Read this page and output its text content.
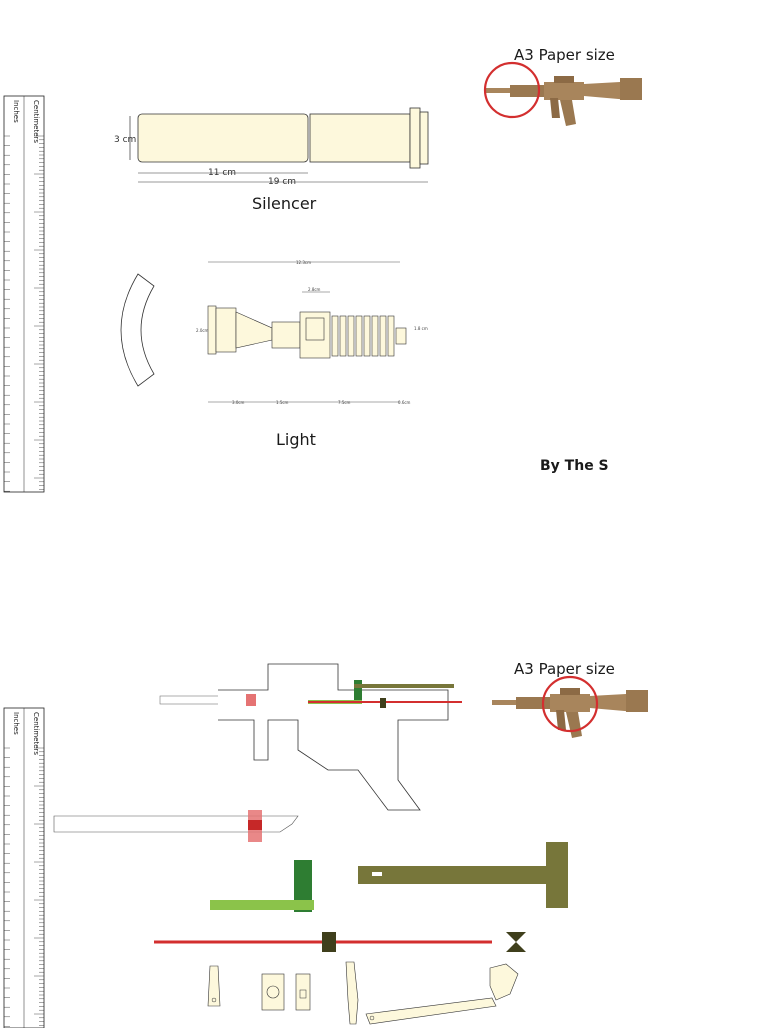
Centimeters
Inches
A3 Paper size
3 cm
11 cm
19 cm
Silencer
12.3cm
2.8cm
2.0cm	1.8 cm
3.0cm	1.5cm	7.5cm	0.6cm
Light
By The S
Centimeters
Inches
A3 Paper size
